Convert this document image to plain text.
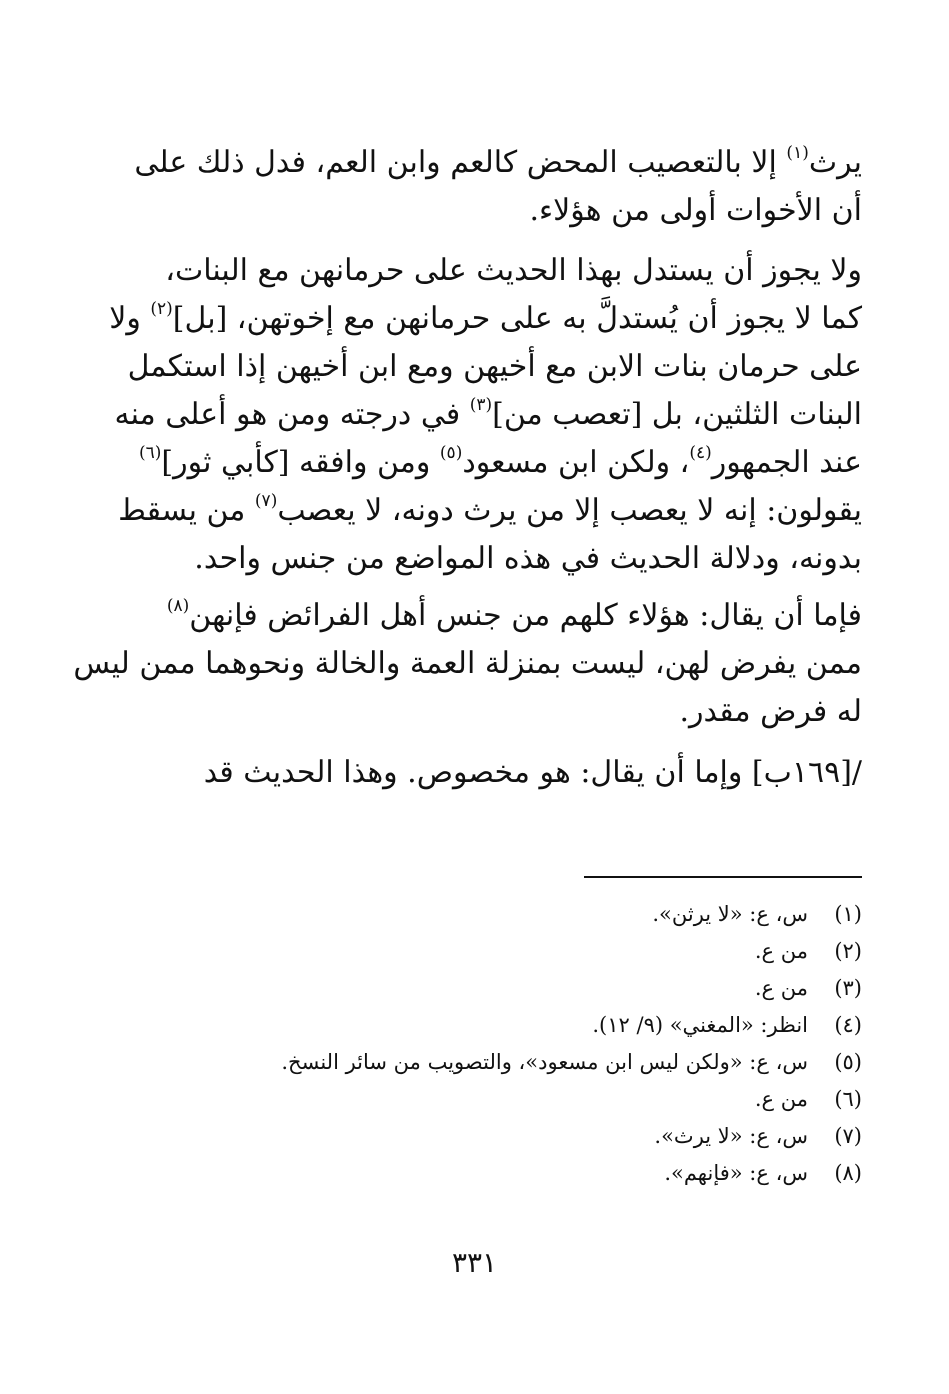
يرث$^{(١)}$ إلا بالتعصيب المحض كالعم وابن العم، فدل ذلك على
أن الأخوات أولى من هؤلاء.
ولا يجوز أن يستدل بهذا الحديث على حرمانهن مع البنات،
كما لا يجوز أن يُستدلَّ به على حرمانهن مع إخوتهن، [بل]$^{(٢)}$ ولا
على حرمان بنات الابن مع أخيهن ومع ابن أخيهن إذا استكمل
البنات الثلثين، بل [تعصب من]$^{(٣)}$ في درجته ومن هو أعلى منه
عند الجمهور$^{(٤)}$، ولكن ابن مسعود$^{(٥)}$ ومن وافقه [كأبي ثور]$^{(٦)}$
يقولون: إنه لا يعصب إلا من يرث دونه، لا يعصب$^{(٧)}$ من يسقط
بدونه، ودلالة الحديث في هذه المواضع من جنس واحد.
فإما أن يقال: هؤلاء كلهم من جنس أهل الفرائض فإنهن$^{(٨)}$
ممن يفرض لهن، ليست بمنزلة العمة والخالة ونحوهما ممن ليس
له فرض مقدر.
/[١٦٩ب] وإما أن يقال: هو مخصوص. وهذا الحديث قد
(١)س، ع: «لا يرثن».
(٢)من ع.
(٣)من ع.
(٤)انظر: «المغني» (٩/ ١٢).
(٥)س، ع: «ولكن ليس ابن مسعود»، والتصويب من سائر النسخ.
(٦)من ع.
(٧)س، ع: «لا يرث».
(٨)س، ع: «فإنهم».
٣٣١
